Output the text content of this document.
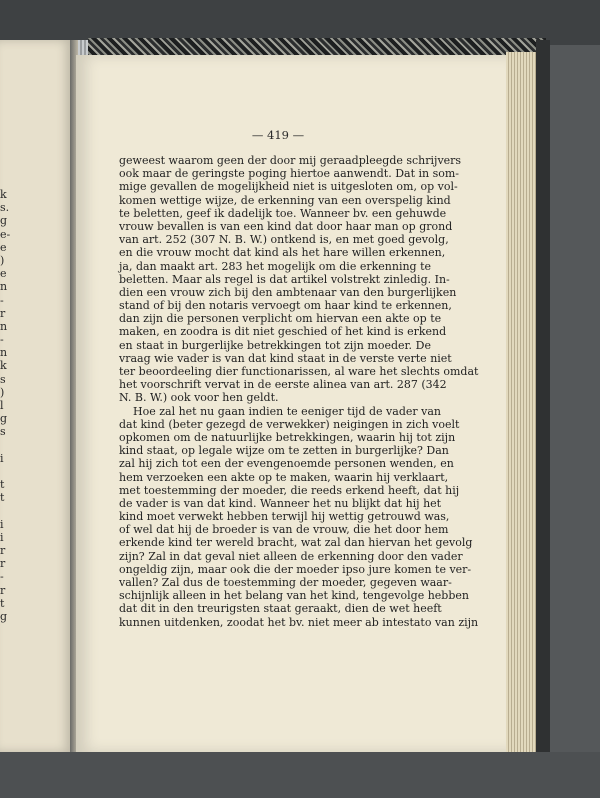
k
s.
g
e-
e
)
e
n
-
r
n
-
n
k
s
)
l
g
s
i
t
t
i
i
r
r
-
r
t
g
— 419 —
geweest waarom geen der door mij geraadpleegde schrijvers
ook maar de geringste poging hiertoe aanwendt. Dat in som-
mige gevallen de mogelijkheid niet is uitgesloten om, op vol-
komen wettige wijze, de erkenning van een overspelig kind
te beletten, geef ik dadelijk toe. Wanneer bv. een gehuwde
vrouw bevallen is van een kind dat door haar man op grond
van art. 252 (307 N. B. W.) ontkend is, en met goed gevolg,
en die vrouw mocht dat kind als het hare willen erkennen,
ja, dan maakt art. 283 het mogelijk om die erkenning te
beletten. Maar als regel is dat artikel volstrekt zinledig. In-
dien een vrouw zich bij den ambtenaar van den burgerlijken
stand of bij den notaris vervoegt om haar kind te erkennen,
dan zijn die personen verplicht om hiervan een akte op te
maken, en zoodra is dit niet geschied of het kind is erkend
en staat in burgerlijke betrekkingen tot zijn moeder. De
vraag wie vader is van dat kind staat in de verste verte niet
ter beoordeeling dier functionarissen, al ware het slechts omdat
het voorschrift vervat in de eerste alinea van art. 287 (342
N. B. W.) ook voor hen geldt.
Hoe zal het nu gaan indien te eeniger tijd de vader van
dat kind (beter gezegd de verwekker) neigingen in zich voelt
opkomen om de natuurlijke betrekkingen, waarin hij tot zijn
kind staat, op legale wijze om te zetten in burgerlijke? Dan
zal hij zich tot een der evengenoemde personen wenden, en
hem verzoeken een akte op te maken, waarin hij verklaart,
met toestemming der moeder, die reeds erkend heeft, dat hij
de vader is van dat kind. Wanneer het nu blijkt dat hij het
kind moet verwekt hebben terwijl hij wettig getrouwd was,
of wel dat hij de broeder is van de vrouw, die het door hem
erkende kind ter wereld bracht, wat zal dan hiervan het gevolg
zijn? Zal in dat geval niet alleen de erkenning door den vader
ongeldig zijn, maar ook die der moeder ipso jure komen te ver-
vallen? Zal dus de toestemming der moeder, gegeven waar-
schijnlijk alleen in het belang van het kind, tengevolge hebben
dat dit in den treurigsten staat geraakt, dien de wet heeft
kunnen uitdenken, zoodat het bv. niet meer ab intestato van zijn
